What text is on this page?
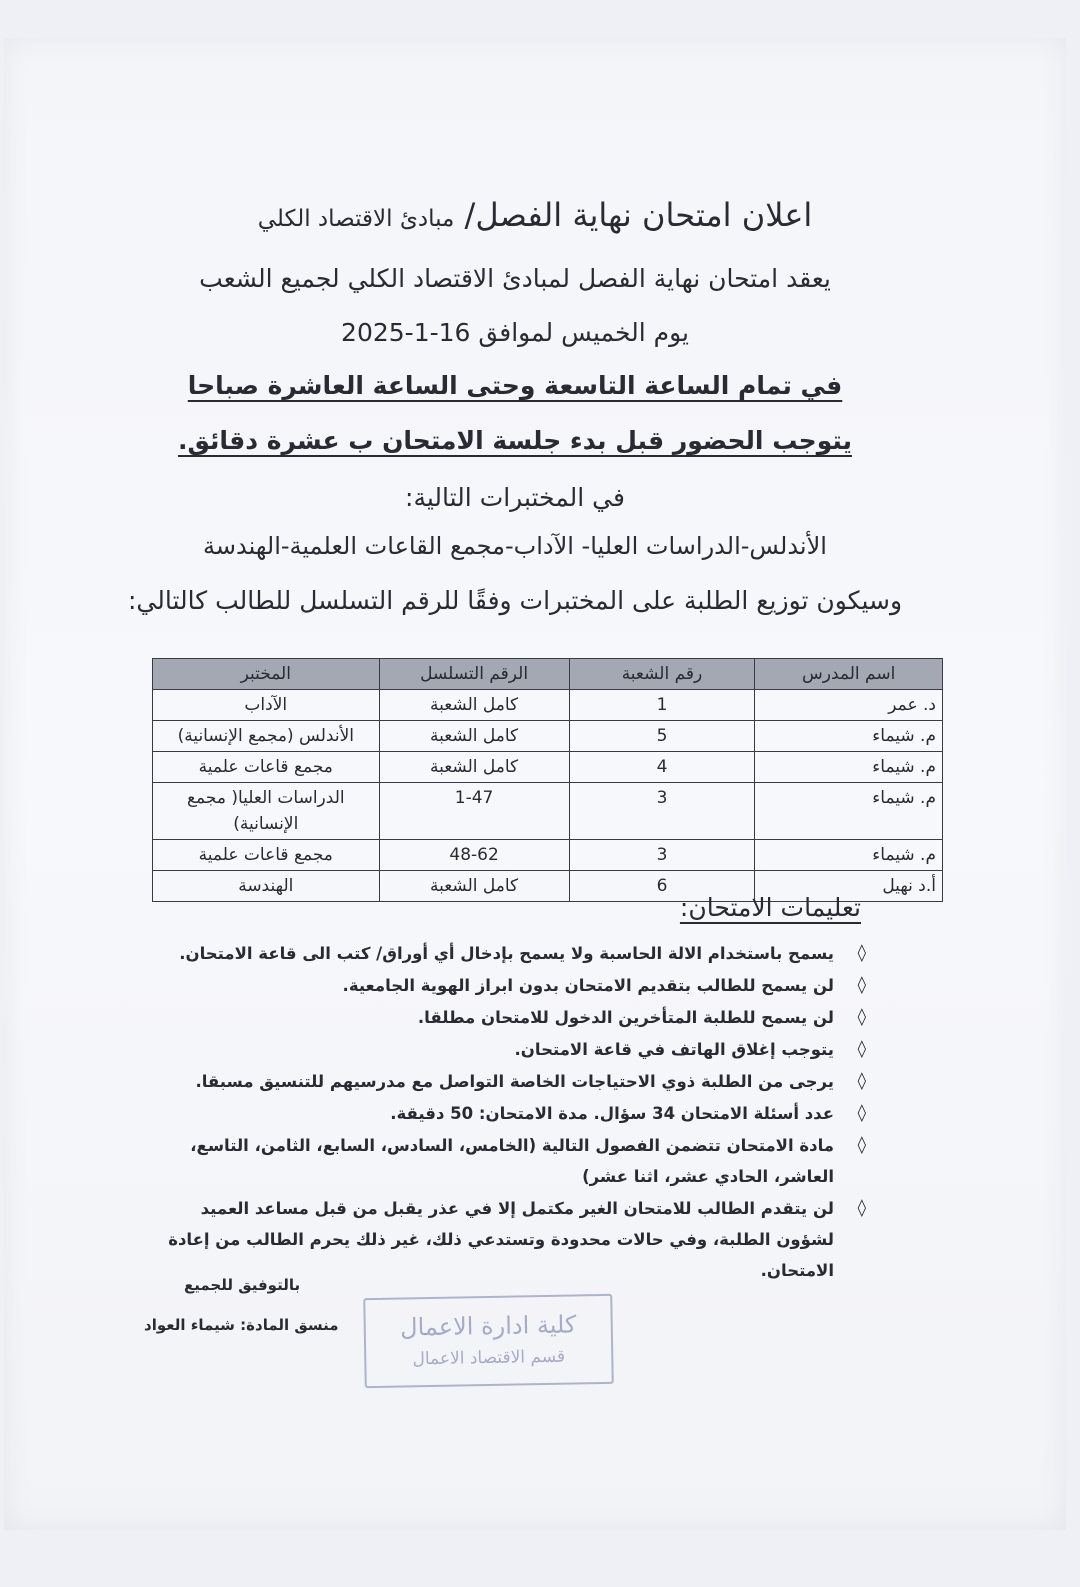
اعلان امتحان نهاية الفصل/ مبادئ الاقتصاد الكلي
يعقد امتحان نهاية الفصل لمبادئ الاقتصاد الكلي لجميع الشعب
يوم الخميس لموافق 16-1-2025
في تمام الساعة التاسعة وحتى الساعة العاشرة صباحا
يتوجب الحضور قبل بدء جلسة الامتحان ب عشرة دقائق.
في المختبرات التالية:
الأندلس-الدراسات العليا- الآداب-مجمع القاعات العلمية-الهندسة
وسيكون توزيع الطلبة على المختبرات وفقًا للرقم التسلسل للطالب كالتالي:
اسم المدرس	رقم الشعبة	الرقم التسلسل	المختبر
د. عمر	1	كامل الشعبة	الآداب
م. شيماء	5	كامل الشعبة	الأندلس (مجمع الإنسانية)
م. شيماء	4	كامل الشعبة	مجمع قاعات علمية
م. شيماء	3	1-47	الدراسات العليا( مجمع الإنسانية)
م. شيماء	3	48-62	مجمع قاعات علمية
أ.د نهيل	6	كامل الشعبة	الهندسة
تعليمات الامتحان:
◊
يسمح باستخدام الالة الحاسبة ولا يسمح بإدخال أي أوراق/ كتب الى قاعة الامتحان.
◊
لن يسمح للطالب بتقديم الامتحان بدون ابراز الهوية الجامعية.
◊
لن يسمح للطلبة المتأخرين الدخول للامتحان مطلقا.
◊
يتوجب إغلاق الهاتف في قاعة الامتحان.
◊
يرجى من الطلبة ذوي الاحتياجات الخاصة التواصل مع مدرسيهم للتنسيق مسبقا.
◊
عدد أسئلة الامتحان 34 سؤال. مدة الامتحان: 50 دقيقة.
◊
مادة الامتحان تتضمن الفصول التالية (الخامس، السادس، السابع، الثامن، التاسع، العاشر، الحادي عشر، اثنا عشر)
◊
لن يتقدم الطالب للامتحان الغير مكتمل إلا في عذر يقبل من قبل مساعد العميد لشؤون الطلبة، وفي حالات محدودة وتستدعي ذلك، غير ذلك يحرم الطالب من إعادة الامتحان.
بالتوفيق للجميع
منسق المادة: شيماء العواد	كلية ادارة الاعمال
قسم الاقتصاد الاعمال
